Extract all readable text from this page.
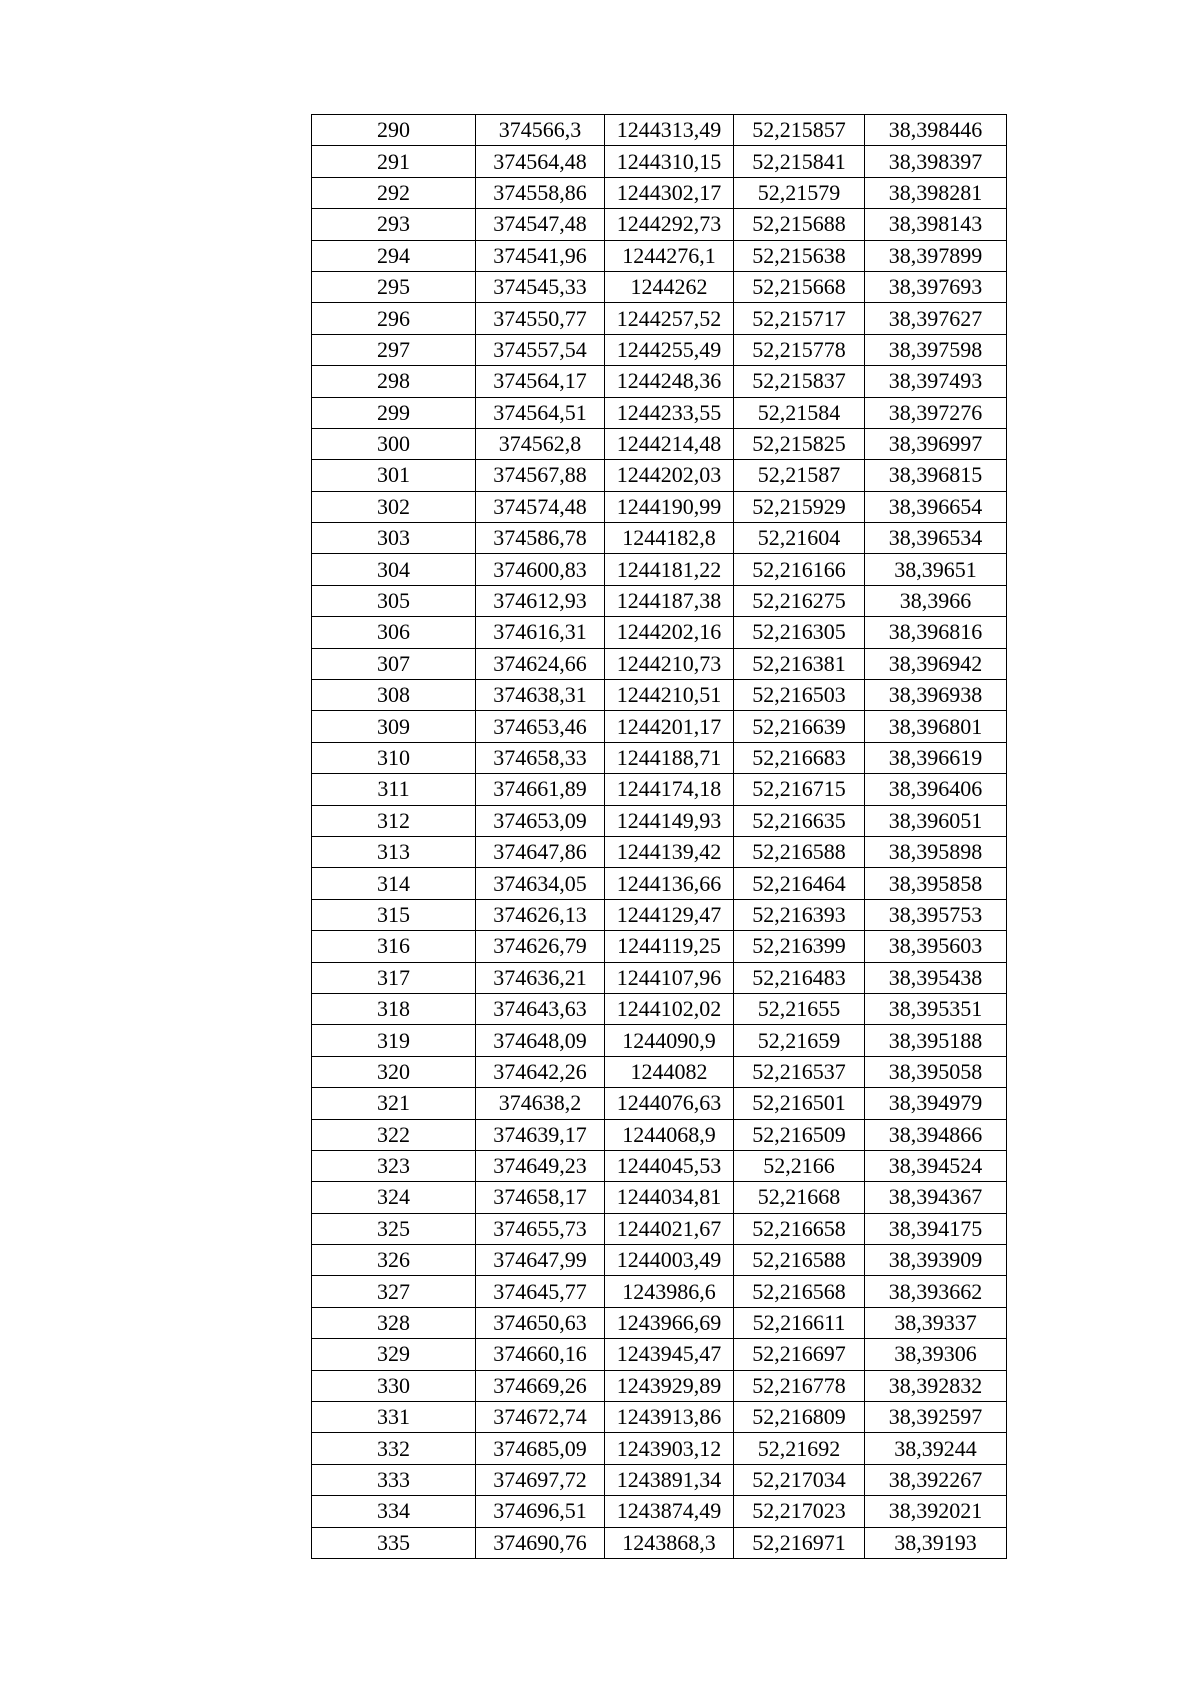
290	374566,3	1244313,49	52,215857	38,398446
291	374564,48	1244310,15	52,215841	38,398397
292	374558,86	1244302,17	52,21579	38,398281
293	374547,48	1244292,73	52,215688	38,398143
294	374541,96	1244276,1	52,215638	38,397899
295	374545,33	1244262	52,215668	38,397693
296	374550,77	1244257,52	52,215717	38,397627
297	374557,54	1244255,49	52,215778	38,397598
298	374564,17	1244248,36	52,215837	38,397493
299	374564,51	1244233,55	52,21584	38,397276
300	374562,8	1244214,48	52,215825	38,396997
301	374567,88	1244202,03	52,21587	38,396815
302	374574,48	1244190,99	52,215929	38,396654
303	374586,78	1244182,8	52,21604	38,396534
304	374600,83	1244181,22	52,216166	38,39651
305	374612,93	1244187,38	52,216275	38,3966
306	374616,31	1244202,16	52,216305	38,396816
307	374624,66	1244210,73	52,216381	38,396942
308	374638,31	1244210,51	52,216503	38,396938
309	374653,46	1244201,17	52,216639	38,396801
310	374658,33	1244188,71	52,216683	38,396619
311	374661,89	1244174,18	52,216715	38,396406
312	374653,09	1244149,93	52,216635	38,396051
313	374647,86	1244139,42	52,216588	38,395898
314	374634,05	1244136,66	52,216464	38,395858
315	374626,13	1244129,47	52,216393	38,395753
316	374626,79	1244119,25	52,216399	38,395603
317	374636,21	1244107,96	52,216483	38,395438
318	374643,63	1244102,02	52,21655	38,395351
319	374648,09	1244090,9	52,21659	38,395188
320	374642,26	1244082	52,216537	38,395058
321	374638,2	1244076,63	52,216501	38,394979
322	374639,17	1244068,9	52,216509	38,394866
323	374649,23	1244045,53	52,2166	38,394524
324	374658,17	1244034,81	52,21668	38,394367
325	374655,73	1244021,67	52,216658	38,394175
326	374647,99	1244003,49	52,216588	38,393909
327	374645,77	1243986,6	52,216568	38,393662
328	374650,63	1243966,69	52,216611	38,39337
329	374660,16	1243945,47	52,216697	38,39306
330	374669,26	1243929,89	52,216778	38,392832
331	374672,74	1243913,86	52,216809	38,392597
332	374685,09	1243903,12	52,21692	38,39244
333	374697,72	1243891,34	52,217034	38,392267
334	374696,51	1243874,49	52,217023	38,392021
335	374690,76	1243868,3	52,216971	38,39193
